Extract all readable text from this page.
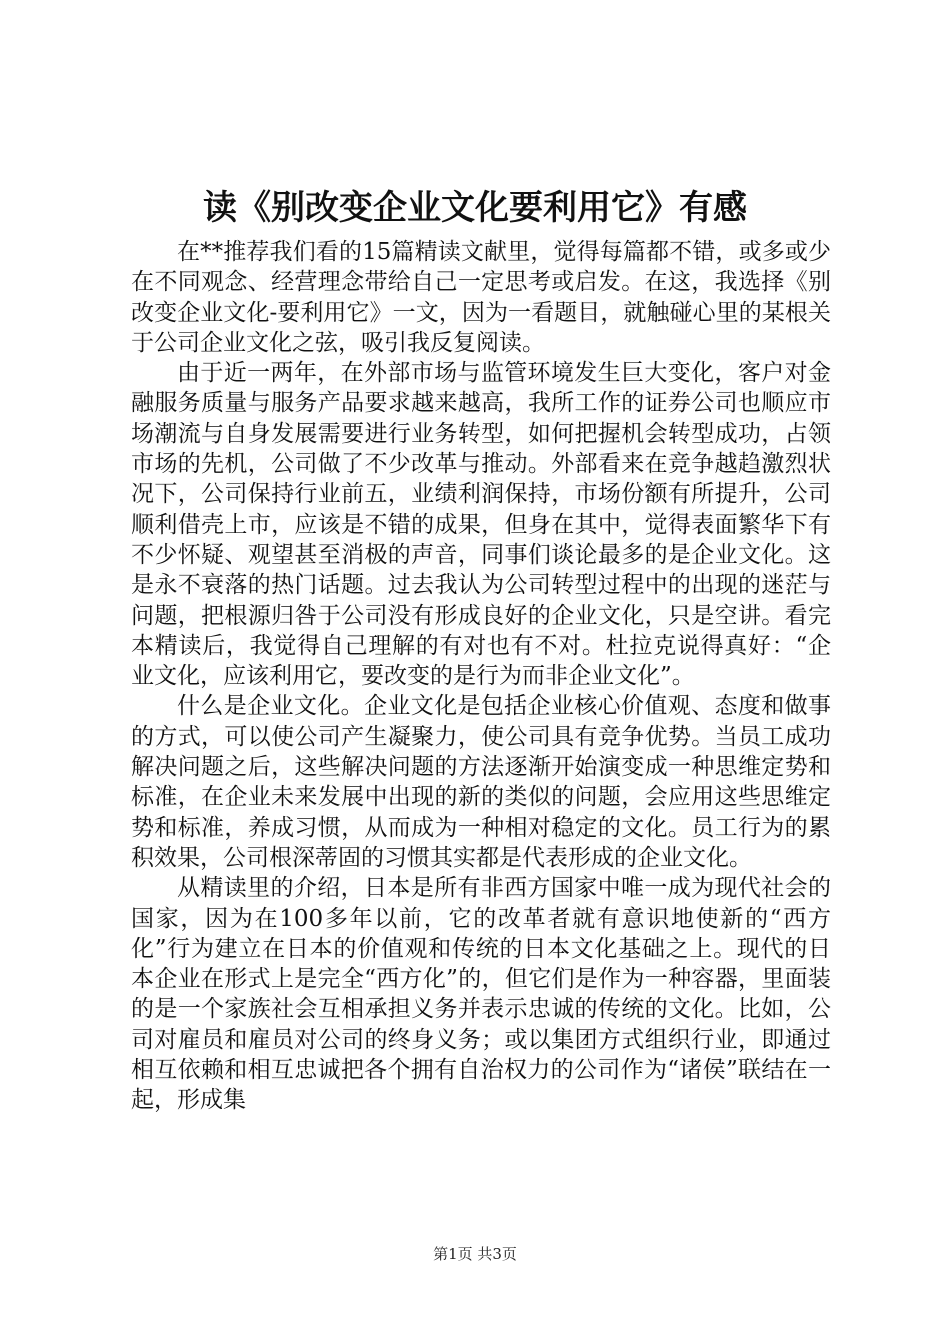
读《别改变企业文化要利用它》有感

在**推荐我们看的15篇精读文献里，觉得每篇都不错，或多或少在不同观念、经营理念带给自己一定思考或启发。在这，我选择《别改变企业文化-要利用它》一文，因为一看题目，就触碰心里的某根关于公司企业文化之弦，吸引我反复阅读。

由于近一两年，在外部市场与监管环境发生巨大变化，客户对金融服务质量与服务产品要求越来越高，我所工作的证券公司也顺应市场潮流与自身发展需要进行业务转型，如何把握机会转型成功，占领市场的先机，公司做了不少改革与推动。外部看来在竞争越趋激烈状况下，公司保持行业前五，业绩利润保持，市场份额有所提升，公司顺利借壳上市，应该是不错的成果，但身在其中，觉得表面繁华下有不少怀疑、观望甚至消极的声音，同事们谈论最多的是企业文化。这是永不衰落的热门话题。过去我认为公司转型过程中的出现的迷茫与问题，把根源归咎于公司没有形成良好的企业文化，只是空讲。看完本精读后，我觉得自己理解的有对也有不对。杜拉克说得真好：“企业文化，应该利用它，要改变的是行为而非企业文化”。

什么是企业文化。企业文化是包括企业核心价值观、态度和做事的方式，可以使公司产生凝聚力，使公司具有竞争优势。当员工成功解决问题之后，这些解决问题的方法逐渐开始演变成一种思维定势和标准，在企业未来发展中出现的新的类似的问题，会应用这些思维定势和标准，养成习惯，从而成为一种相对稳定的文化。员工行为的累积效果，公司根深蒂固的习惯其实都是代表形成的企业文化。

从精读里的介绍，日本是所有非西方国家中唯一成为现代社会的国家，因为在100多年以前，它的改革者就有意识地使新的“西方化”行为建立在日本的价值观和传统的日本文化基础之上。现代的日本企业在形式上是完全“西方化”的，但它们是作为一种容器，里面装的是一个家族社会互相承担义务并表示忠诚的传统的文化。比如，公司对雇员和雇员对公司的终身义务；或以集团方式组织行业，即通过相互依赖和相互忠诚把各个拥有自治权力的公司作为“诸侯”联结在一起，形成集

第1页 共3页
